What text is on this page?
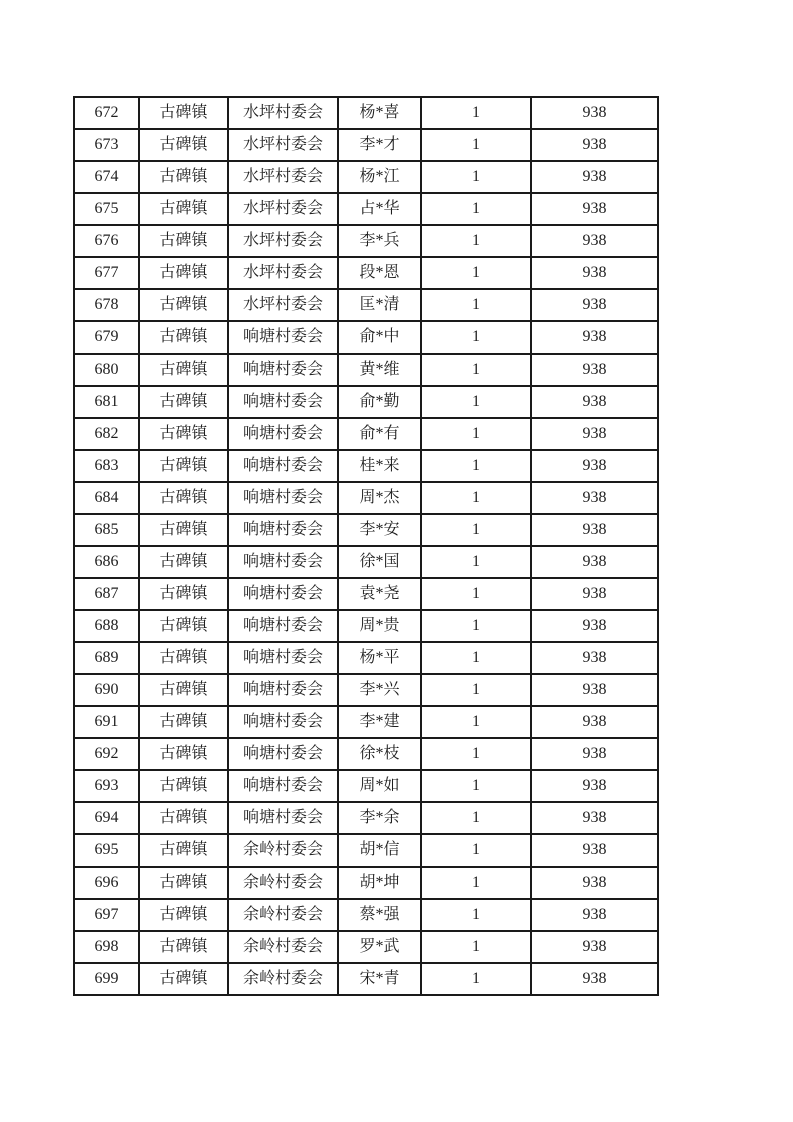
672	古碑镇	水坪村委会	杨*喜	1	938
673	古碑镇	水坪村委会	李*才	1	938
674	古碑镇	水坪村委会	杨*江	1	938
675	古碑镇	水坪村委会	占*华	1	938
676	古碑镇	水坪村委会	李*兵	1	938
677	古碑镇	水坪村委会	段*恩	1	938
678	古碑镇	水坪村委会	匡*清	1	938
679	古碑镇	响塘村委会	俞*中	1	938
680	古碑镇	响塘村委会	黄*维	1	938
681	古碑镇	响塘村委会	俞*勤	1	938
682	古碑镇	响塘村委会	俞*有	1	938
683	古碑镇	响塘村委会	桂*来	1	938
684	古碑镇	响塘村委会	周*杰	1	938
685	古碑镇	响塘村委会	李*安	1	938
686	古碑镇	响塘村委会	徐*国	1	938
687	古碑镇	响塘村委会	袁*尧	1	938
688	古碑镇	响塘村委会	周*贵	1	938
689	古碑镇	响塘村委会	杨*平	1	938
690	古碑镇	响塘村委会	李*兴	1	938
691	古碑镇	响塘村委会	李*建	1	938
692	古碑镇	响塘村委会	徐*枝	1	938
693	古碑镇	响塘村委会	周*如	1	938
694	古碑镇	响塘村委会	李*余	1	938
695	古碑镇	余岭村委会	胡*信	1	938
696	古碑镇	余岭村委会	胡*坤	1	938
697	古碑镇	余岭村委会	蔡*强	1	938
698	古碑镇	余岭村委会	罗*武	1	938
699	古碑镇	余岭村委会	宋*青	1	938
